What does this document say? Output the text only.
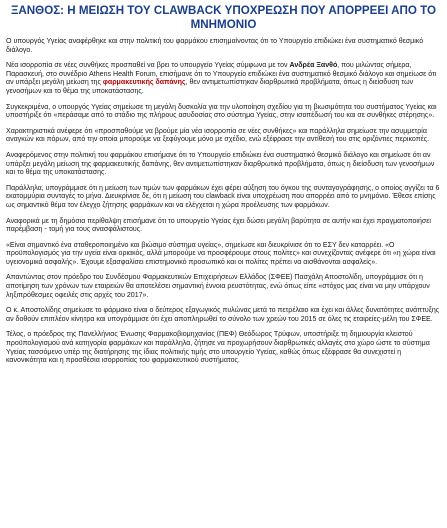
ΞΑΝΘΟΣ: Η ΜΕΙΩΣΗ ΤΟΥ CLAWBACK ΥΠΟΧΡΕΩΣΗ ΠΟΥ ΑΠΟΡΡΕΕΙ ΑΠΟ ΤΟ
ΜΝΗΜΟΝΙΟ

Ο υπουργός Υγείας αναφέρθηκε και στην πολιτική του φαρμάκου επισημαίνοντας ότι το Υπουργείο επιδιώκει ένα συστηματικό θεσμικό διάλογο.

Νέα ισορροπία σε νέες συνθήκες προσπαθεί να βρει το υπουργείο Υγείας σύμφωνα με τον Ανδρέα Ξανθό, που μιλώντας σήμερα, Παρασκευή, στο συνέδριο Athens Health Forum, επισήμανε ότι το Υπουργείο επιδιώκει ένα συστηματικό θεσμικό διάλογο και σημείωσε ότι αν υπάρξει μεγάλη μείωση της φαρμακευτικής δαπάνης, θεν αντιμετωπίστηκαν διαρθρωτικά προβλήματα, όπως η διείσδυση των γενοσήμων και το θέμα της υποκατάστασης.

Συγκεκριμένα, ο υπουργός Υγείας σημείωσε τη μεγάλη δυσκολία για την υλοποίηση σχεδίου για τη βιωσιμότητα του συστήματος Υγείας και υποστήριξε ότι «περάσαμε από το στάδιο της πλήρους ασυδοσίας στο σύστημα Υγείας, στην ισοπέδωσή του και σε συνθήκες στέρησης».

Χαρακτηριστικά ανέφερε ότι «προσπαθούμε να βρούμε μία νέα ισορροπία σε νέες συνθήκες» και παράλληλα σημείωσε την ασυμμετρία αναγκών και πόρων, από την οποία μπορούμε να ξεφύγουμε μόνο με σχέδιο, ενώ εξέφρασε την αντίθεσή του στις οριζόντιες περικοπές.

Αναφερόμενος στην πολιτική του φαρμάκου επισήμανε ότι το Υπουργείο επιδιώκει ένα συστηματικό θεσμικό διάλογο και σημείωσε ότι αν υπάρξει μεγάλη μείωση της φαρμακευτικής δαπάνης, θεν αντιμετωπίστηκαν διαρθρωτικά προβλήματα, όπως η διείσδυση των γενοσήμων και το θέμα της υποκατάστασης.

Παράλληλα, υπογράμμισε ότι η μείωση των τιμών των φαρμάκων έχει φέρει αύξηση του όγκου της συνταγογράφησης, ο οποίος αγγίζει τα 6 εκατομμύρια συνταγές το μήνα. Διευκρίνισε δε, ότι η μείωση του clawback είναι υποχρέωση που απορρέει από το μνημόνιο. Έθεσε επίσης ως σημαντικό θέμα τον έλεγχο ζήτησης φαρμάκων και να ελέγχεται η χώρα προέλευσης των φαρμάκων.

Αναφορικά με τη δημόσια περίθαλψη επισήμανε ότι το υπουργείο Υγείας έχει δώσει μεγάλη βαρύτητα σε αυτήν και έχει πραγματοποιήσει παρέμβαση - τομή για τους ανασφάλιστους.

«Είναι σημαντικό ένα σταθεροποιημένο και βιώσιμο σύστημα υγείας», σημείωσε και διευκρίνισε ότι το ΕΣΥ δεν καταρρέει. «Ο προϋπολογισμός για την υγεία είναι οριακός, αλλά μπορούμε να προσφέρουμε στους πολίτες» και συνεχίζοντας ανέφερε ότι «η χώρα είναι υγειονομικά ασφαλής». Έχουμε εξασφαλίσει επιστημονικό προσωπικό και οι πολίτες πρέπει να αισθάνονται ασφαλείς».

Απαντώντας στον πρόεδρο του Συνδέσμου Φαρμακευτικών Επιχειρήσεων Ελλάδος (ΣΦΕΕ) Πασχάλη Αποστολίδη, υπογράμμισε ότι η αποτίμηση των χρόνων των εταιρειών θα αποτελέσει σημαντική έννοια ρευστότητας, ενώ όπως είπε «στόχος μας είναι να μην υπάρχουν ληξιπρόθεσμες οφειλές στις αρχές του 2017».

Ο κ. Αποστολίδης σημείωσε το φάρμακο είναι ο δεύτερος εξαγωγικός πυλώνας μετά το πετρέλαιο και έχει και άλλες δυνατότητες ανάπτυξης αν δοθούν επιπλέον κίνητρα και υπογράμμισε ότι έχει αποπληρωθεί το σύνολο των χρεών του 2015 σε όλες τις εταιρείες-μέλη του ΣΦΕΕ.

Τέλος, ο πρόεδρος της Πανελλήνιας Ένωσης Φαρμακοβιομηχανίας (ΠΕΦ) Θεόδωρος Τρύφων, υποστήριξε τη δημιουργία κλειστού προϋπολογισμού ανά κατηγορία φαρμάκων και παράλληλα, ζήτησε να προχωρήσουν διαρθρωτικές αλλαγές στο χώρο ώστε το σύστημα Υγείας τασσόμενο υπέρ της διατήρησης της ίδιας πολιτικής τιμής στο υπουργείο Υγείας, καθώς όπως εξέφρασε θα συνεχιστεί η κανονικότητα και η προσθέσια ισορροπίας του φαρμακευτικού συστήματος.
